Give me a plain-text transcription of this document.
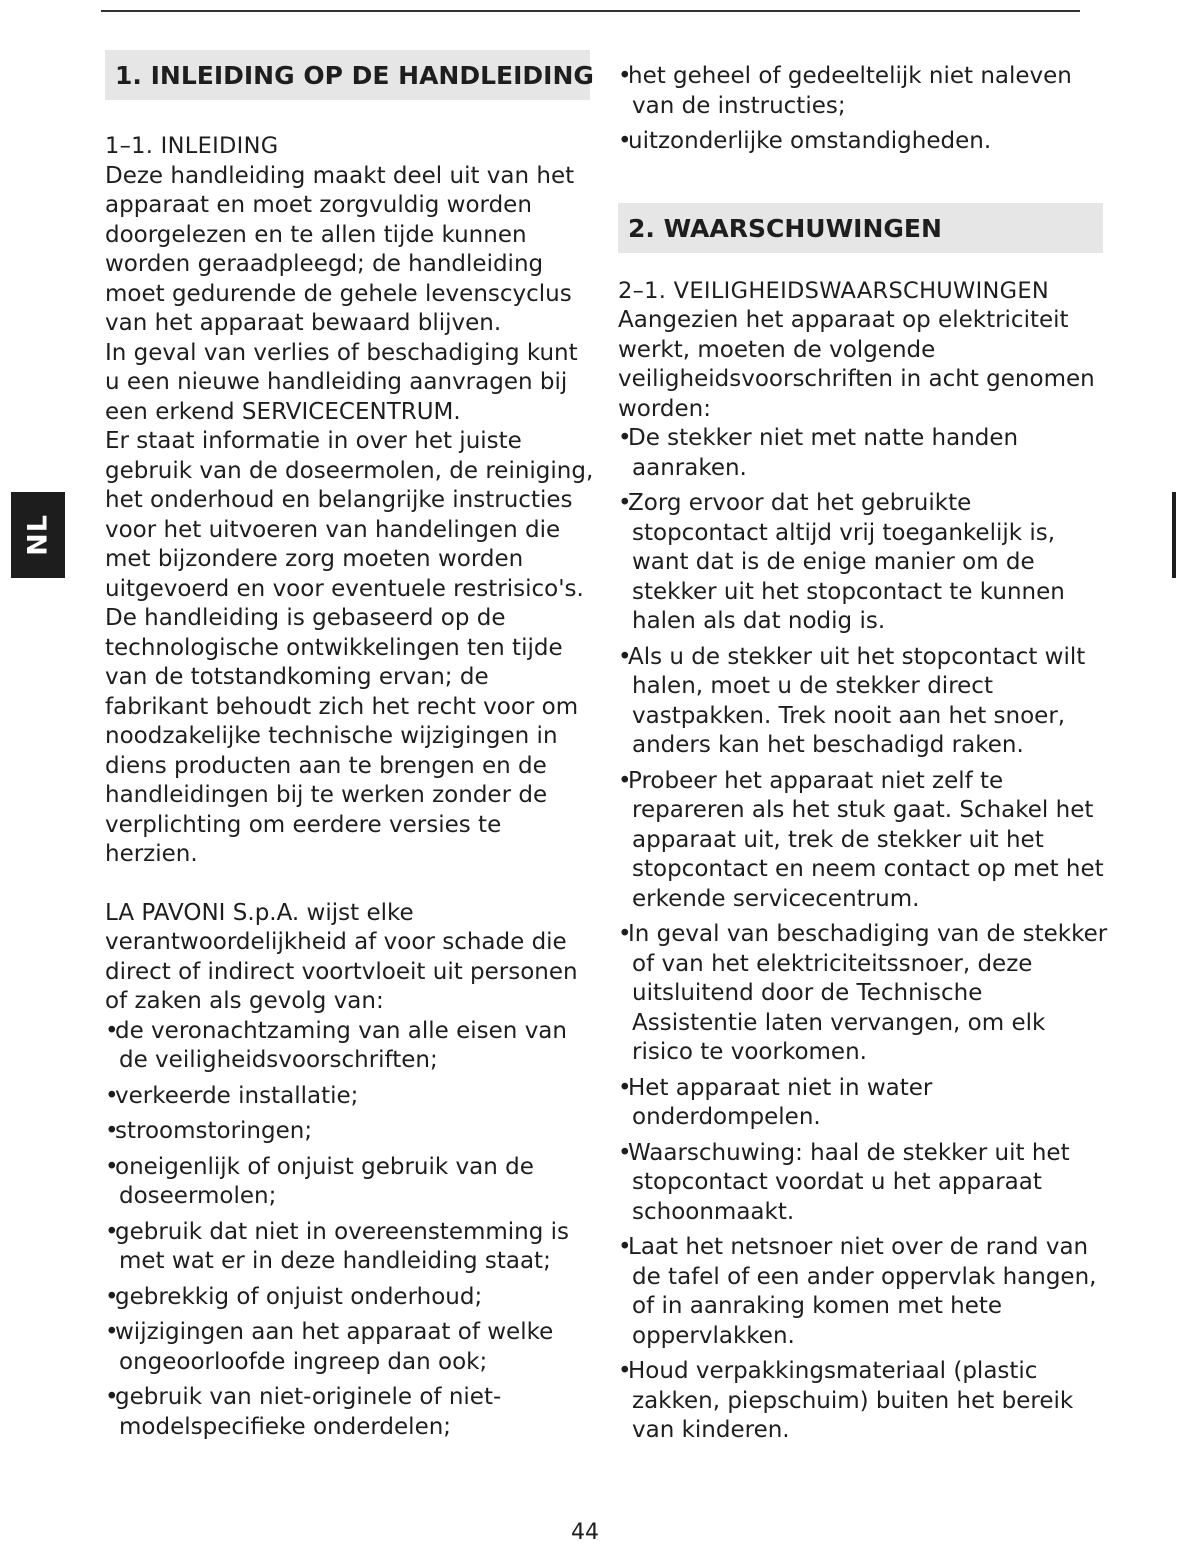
NL
1. INLEIDING OP DE HANDLEIDING

1–1. INLEIDING

Deze handleiding maakt deel uit van het apparaat en moet zorgvuldig worden doorgelezen en te allen tijde kunnen worden geraadpleegd; de handleiding moet gedurende de gehele levenscyclus van het apparaat bewaard blijven.

In geval van verlies of beschadiging kunt u een nieuwe handleiding aanvragen bij een erkend SERVICECENTRUM.

Er staat informatie in over het juiste gebruik van de doseermolen, de reiniging, het onderhoud en belangrijke instructies voor het uitvoeren van handelingen die met bijzondere zorg moeten worden uitgevoerd en voor eventuele restrisico's.

De handleiding is gebaseerd op de technologische ontwikkelingen ten tijde van de totstandkoming ervan; de fabrikant behoudt zich het recht voor om noodzakelijke technische wijzigingen in diens producten aan te brengen en de handleidingen bij te werken zonder de verplichting om eerdere versies te herzien.

LA PAVONI S.p.A. wijst elke verantwoordelijkheid af voor schade die direct of indirect voortvloeit uit personen of zaken als gevolg van:

• de veronachtzaming van alle eisen van de veiligheidsvoorschriften;
• verkeerde installatie;
• stroomstoringen;
• oneigenlijk of onjuist gebruik van de doseermolen;
• gebruik dat niet in overeenstemming is met wat er in deze handleiding staat;
• gebrekkig of onjuist onderhoud;
• wijzigingen aan het apparaat of welke ongeoorloofde ingreep dan ook;
• gebruik van niet-originele of niet-modelspecifieke onderdelen;
• het geheel of gedeeltelijk niet naleven van de instructies;
• uitzonderlijke omstandigheden.
2. WAARSCHUWINGEN

2–1. VEILIGHEIDSWAARSCHUWINGEN

Aangezien het apparaat op elektriciteit werkt, moeten de volgende veiligheidsvoorschriften in acht genomen worden:

• De stekker niet met natte handen aanraken.
• Zorg ervoor dat het gebruikte stopcontact altijd vrij toegankelijk is, want dat is de enige manier om de stekker uit het stopcontact te kunnen halen als dat nodig is.
• Als u de stekker uit het stopcontact wilt halen, moet u de stekker direct vastpakken. Trek nooit aan het snoer, anders kan het beschadigd raken.
• Probeer het apparaat niet zelf te repareren als het stuk gaat. Schakel het apparaat uit, trek de stekker uit het stopcontact en neem contact op met het erkende servicecentrum.
• In geval van beschadiging van de stekker of van het elektriciteitssnoer, deze uitsluitend door de Technische Assistentie laten vervangen, om elk risico te voorkomen.
• Het apparaat niet in water onderdompelen.
• Waarschuwing: haal de stekker uit het stopcontact voordat u het apparaat schoonmaakt.
• Laat het netsnoer niet over de rand van de tafel of een ander oppervlak hangen, of in aanraking komen met hete oppervlakken.
• Houd verpakkingsmateriaal (plastic zakken, piepschuim) buiten het bereik van kinderen.
44
